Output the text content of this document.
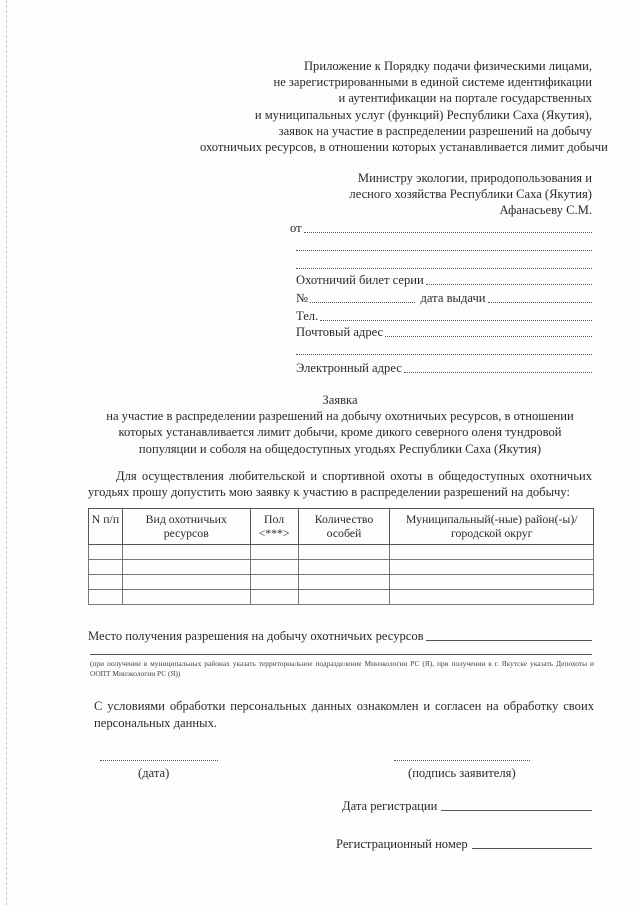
Приложение к Порядку подачи физическими лицами,
не зарегистрированными в единой системе идентификации
и аутентификации на портале государственных
и муниципальных услуг (функций) Республики Саха (Якутия),
заявок на участие в распределении разрешений на добычу
охотничьих ресурсов, в отношении которых устанавливается лимит добычи
Министру экологии, природопользования и
лесного хозяйства Республики Саха (Якутия)
Афанасьеву С.М.
от
Охотничий билет серии
№	дата выдачи
Тел.
Почтовый адрес
Электронный адрес
Заявка
на участие в распределении разрешений на добычу охотничьих ресурсов, в отношении
которых устанавливается лимит добычи, кроме дикого северного оленя тундровой
популяции и соболя на общедоступных угодьях Республики Саха (Якутия)
Для осуществления любительской и спортивной охоты в общедоступных охотничьих угодьях прошу допустить мою заявку к участию в распределении разрешений на добычу:
N п/п	Вид охотничьих ресурсов	Пол <***>	Количество особей	Муниципальный(-ные) район(-ы)/ городской округ

Место получения разрешения на добычу охотничьих ресурсов
(при получении в муниципальных районах указать территориальное подразделение Минэкологии РС (Я), при получении в г. Якутске указать Депохоты и ООПТ Минэкологии РС (Я))
С условиями обработки персональных данных ознакомлен и согласен на обработку своих персональных данных.
(дата)	(подпись заявителя)
Дата регистрации
Регистрационный номер
